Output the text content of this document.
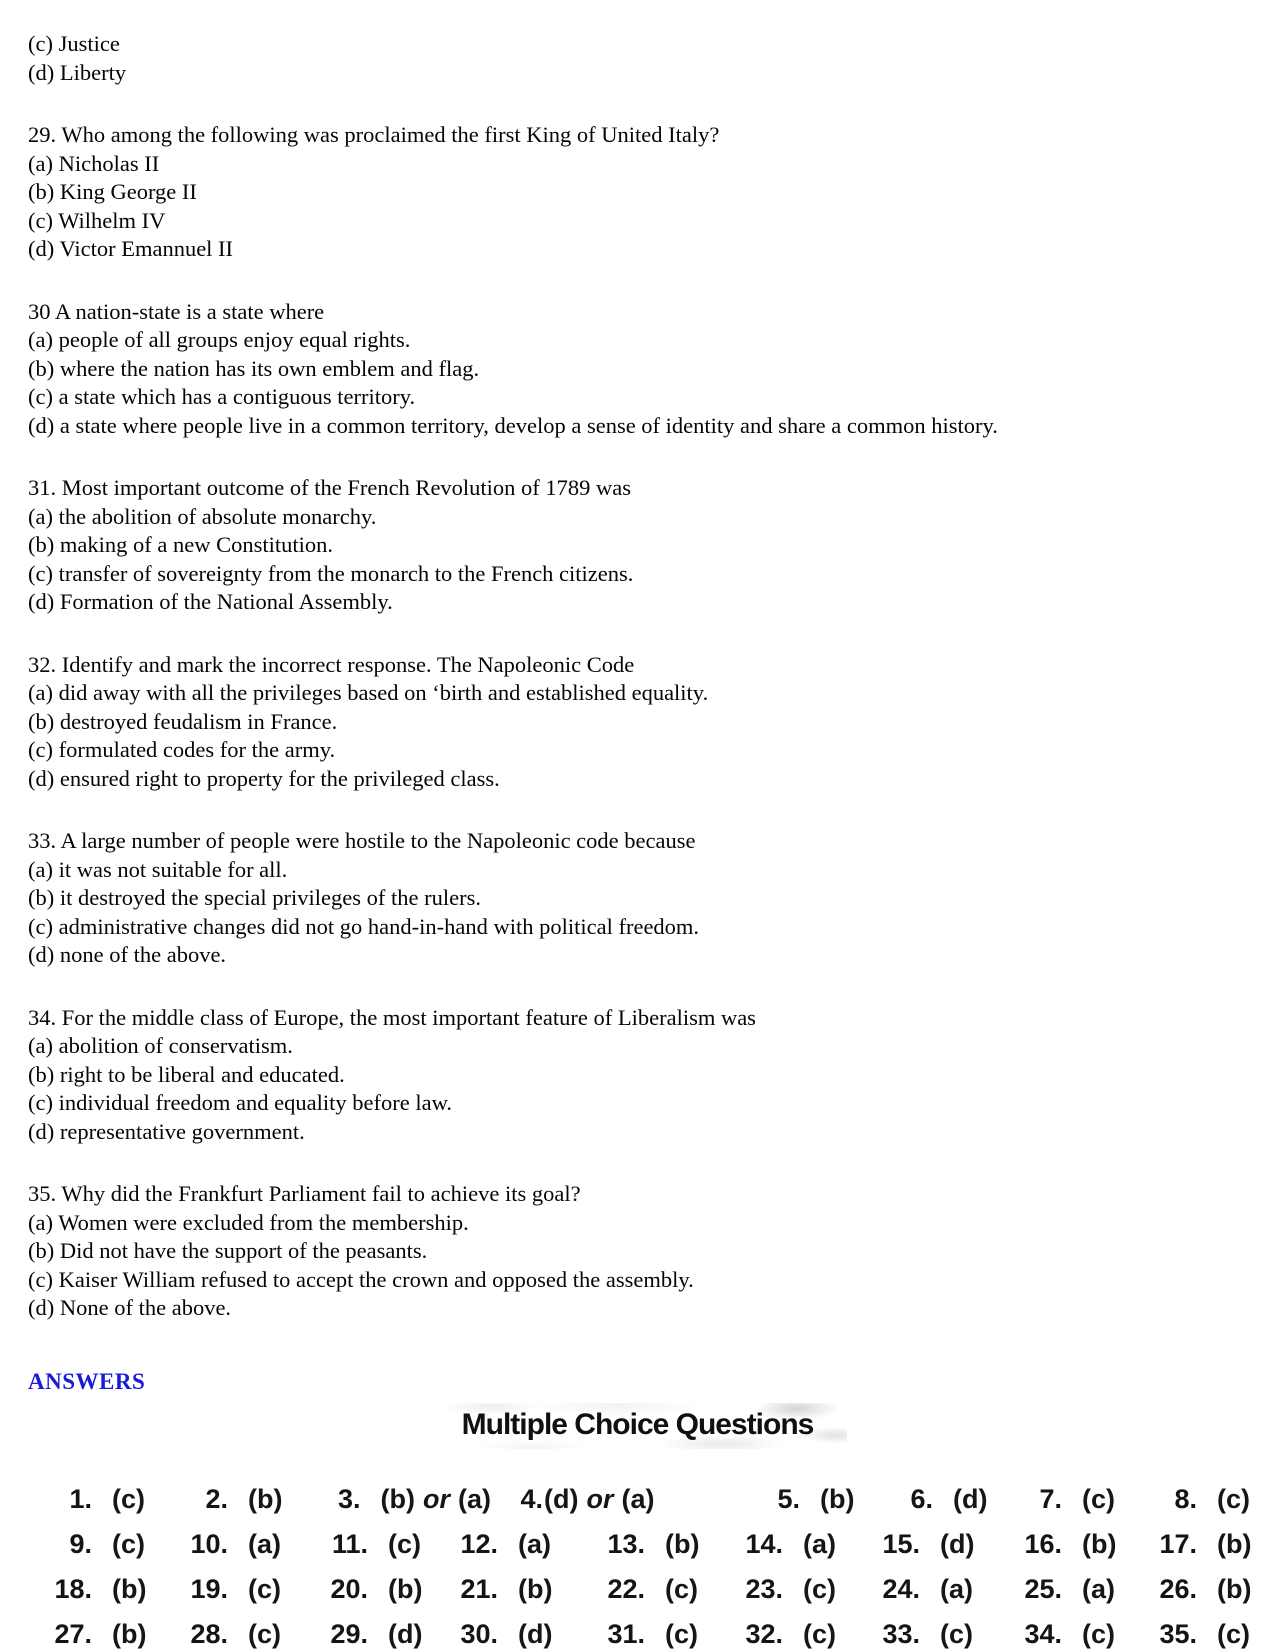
(c) Justice
(d) Liberty
29. Who among the following was proclaimed the first King of United Italy?
(a) Nicholas II
(b) King George II
(c) Wilhelm IV
(d) Victor Emannuel II
30 A nation-state is a state where
(a) people of all groups enjoy equal rights.
(b) where the nation has its own emblem and flag.
(c) a state which has a contiguous territory.
(d) a state where people live in a common territory, develop a sense of identity and share a common history.
31. Most important outcome of the French Revolution of 1789 was
(a) the abolition of absolute monarchy.
(b) making of a new Constitution.
(c) transfer of sovereignty from the monarch to the French citizens.
(d) Formation of the National Assembly.
32. Identify and mark the incorrect response. The Napoleonic Code
(a) did away with all the privileges based on ‘birth and established equality.
(b) destroyed feudalism in France.
(c) formulated codes for the army.
(d) ensured right to property for the privileged class.
33. A large number of people were hostile to the Napoleonic code because
(a) it was not suitable for all.
(b) it destroyed the special privileges of the rulers.
(c) administrative changes did not go hand-in-hand with political freedom.
(d) none of the above.
34. For the middle class of Europe, the most important feature of Liberalism was
(a) abolition of conservatism.
(b) right to be liberal and educated.
(c) individual freedom and equality before law.
(d) representative government.
35. Why did the Frankfurt Parliament fail to achieve its goal?
(a) Women were excluded from the membership.
(b) Did not have the support of the peasants.
(c) Kaiser William refused to accept the crown and opposed the assembly.
(d) None of the above.
ANSWERS
Multiple Choice Questions
1. (c)	2. (b)	3. (b) or (a)	4. (d) or (a)	5. (b)	6. (d)	7. (c)	8. (c)
9. (c)	10. (a)	11. (c)	12. (a)	13. (b)	14. (a)	15. (d)	16. (b)	17. (b)
18. (b)	19. (c)	20. (b)	21. (b)	22. (c)	23. (c)	24. (a)	25. (a)	26. (b)
27. (b)	28. (c)	29. (d)	30. (d)	31. (c)	32. (c)	33. (c)	34. (c)	35. (c)
